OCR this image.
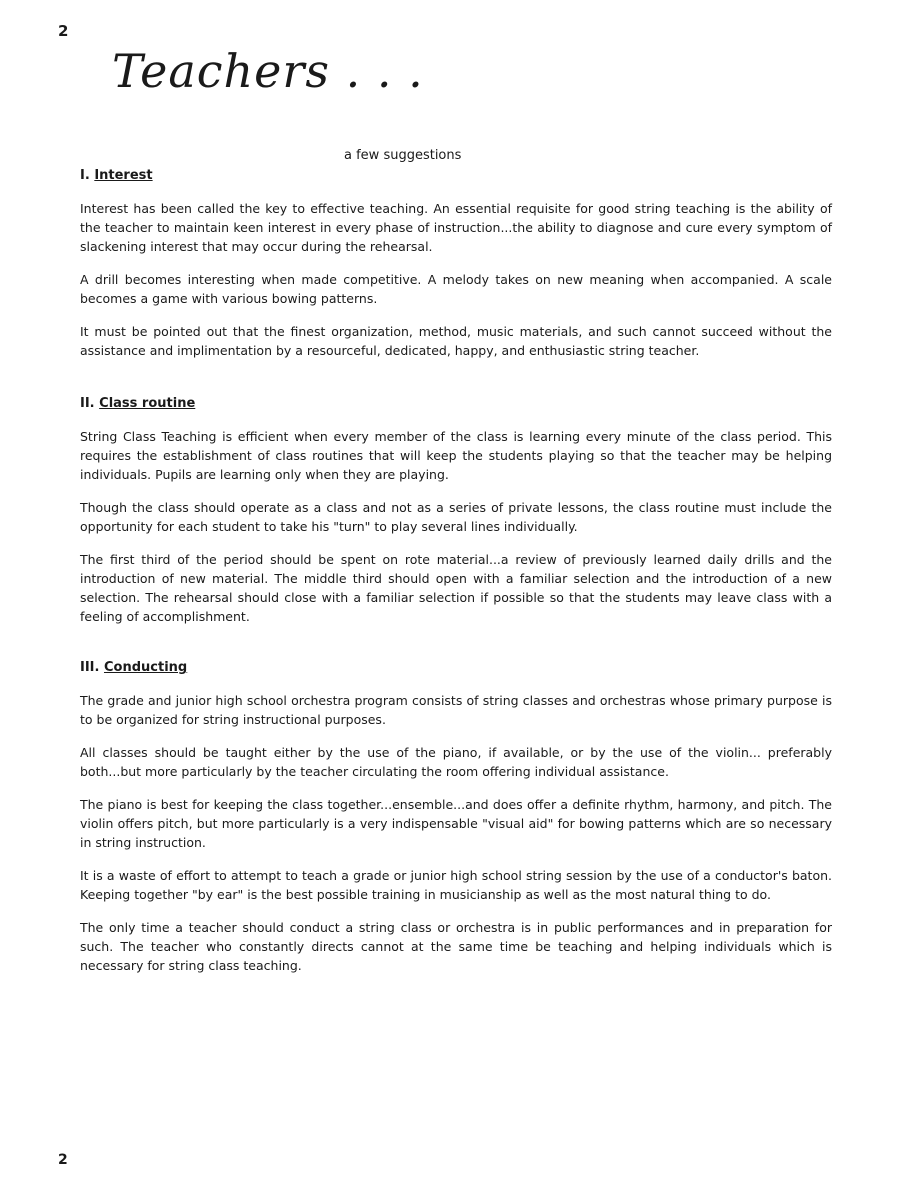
2
Teachers . . .
a few suggestions
I. Interest

Interest has been called the key to effective teaching. An essential requisite for good string teaching is the ability of the teacher to maintain keen interest in every phase of instruction...the ability to diagnose and cure every symptom of slackening interest that may occur during the rehearsal.

A drill becomes interesting when made competitive. A melody takes on new meaning when accompanied. A scale becomes a game with various bowing patterns.

It must be pointed out that the finest organization, method, music materials, and such cannot succeed without the assistance and implimentation by a resourceful, dedicated, happy, and enthusiastic string teacher.

II. Class routine

String Class Teaching is efficient when every member of the class is learning every minute of the class period. This requires the establishment of class routines that will keep the students playing so that the teacher may be helping individuals. Pupils are learning only when they are playing.

Though the class should operate as a class and not as a series of private lessons, the class routine must include the opportunity for each student to take his "turn" to play several lines individually.

The first third of the period should be spent on rote material...a review of previously learned daily drills and the introduction of new material. The middle third should open with a familiar selection and the introduction of a new selection. The rehearsal should close with a familiar selection if possible so that the students may leave class with a feeling of accomplishment.

III. Conducting

The grade and junior high school orchestra program consists of string classes and orchestras whose primary purpose is to be organized for string instructional purposes.

All classes should be taught either by the use of the piano, if available, or by the use of the violin... preferably both...but more particularly by the teacher circulating the room offering individual assistance.

The piano is best for keeping the class together...ensemble...and does offer a definite rhythm, harmony, and pitch. The violin offers pitch, but more particularly is a very indispensable "visual aid" for bowing patterns which are so necessary in string instruction.

It is a waste of effort to attempt to teach a grade or junior high school string session by the use of a conductor's baton. Keeping together "by ear" is the best possible training in musicianship as well as the most natural thing to do.

The only time a teacher should conduct a string class or orchestra is in public performances and in preparation for such. The teacher who constantly directs cannot at the same time be teaching and helping individuals which is necessary for string class teaching.

2
